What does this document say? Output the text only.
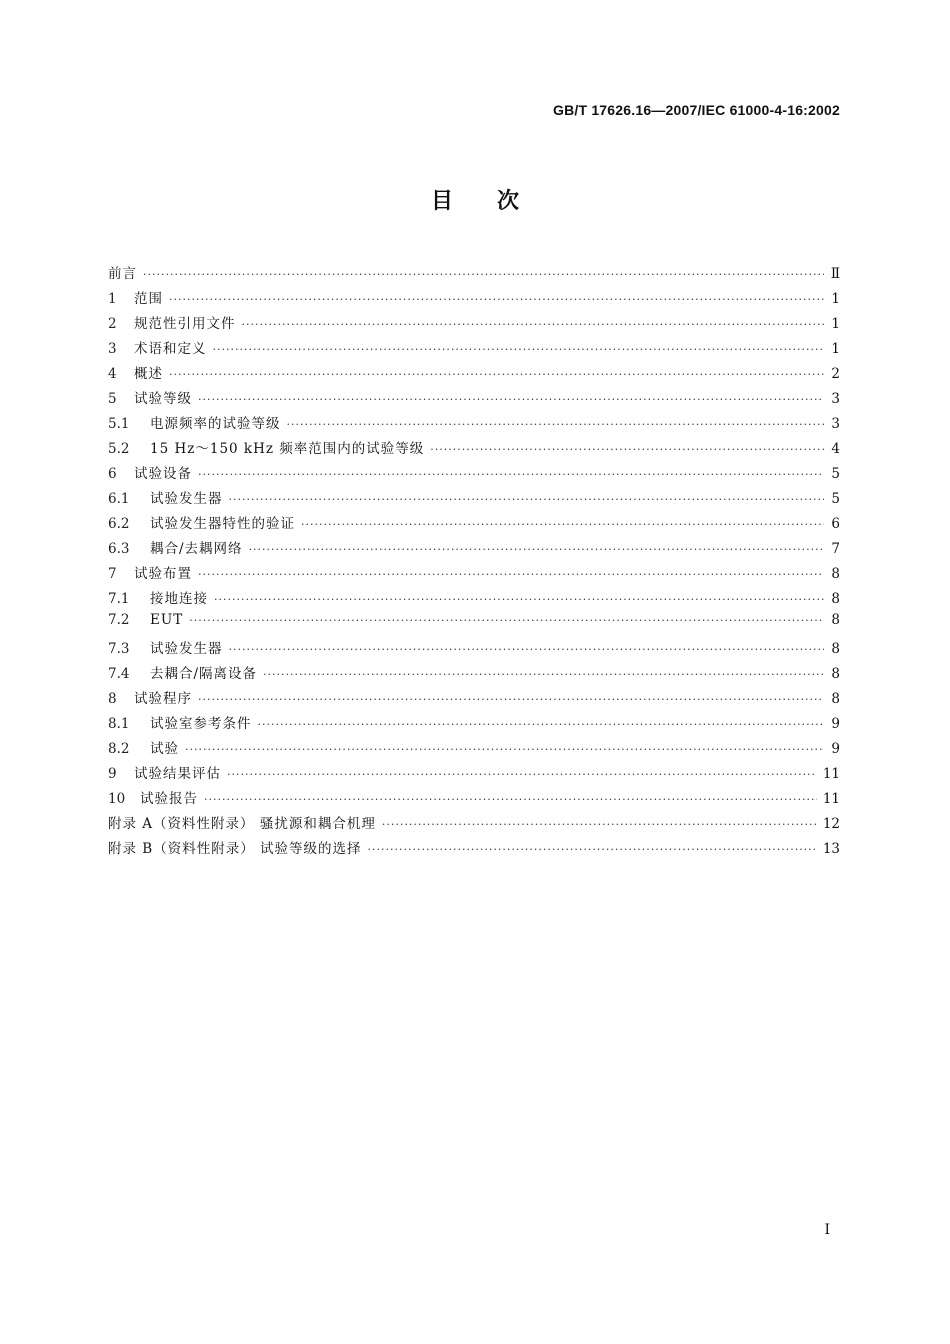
GB/T 17626.16—2007/IEC 61000-4-16:2002
目次
前言 ·····	Ⅱ
1	范围 ·····	1
2	规范性引用文件 ·····	1
3	术语和定义 ·····	1
4	概述 ·····	2
5	试验等级 ·····	3
5.1	电源频率的试验等级 ·····	3
5.2	15 Hz～150 kHz 频率范围内的试验等级 ·····	4
6	试验设备 ·····	5
6.1	试验发生器 ·····	5
6.2	试验发生器特性的验证 ·····	6
6.3	耦合/去耦网络 ·····	7
7	试验布置 ·····	8
7.1	接地连接 ·····	8
7.2	EUT ·····	8
7.3	试验发生器 ·····	8
7.4	去耦合/隔离设备 ·····	8
8	试验程序 ·····	8
8.1	试验室参考条件 ·····	9
8.2	试验 ·····	9
9	试验结果评估 ·····	11
10	试验报告 ·····	11
附录 A（资料性附录） 骚扰源和耦合机理 ·····	12
附录 B（资料性附录） 试验等级的选择 ·····	13
Ⅰ
